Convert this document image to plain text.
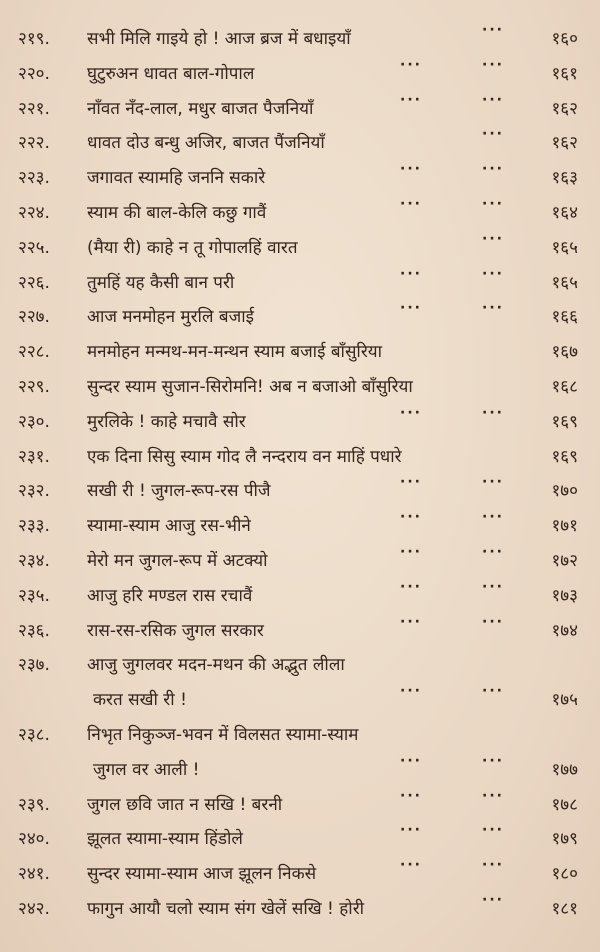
२१९. सभी मिलि गाइये हो ! आज ब्रज में बधाइयाँ	···	१६०
२२०. घुटुरुअन धावत बाल-गोपाल	···	···	१६१
२२१. नाँवत नँद-लाल, मधुर बाजत पैजनियाँ	···	···	१६२
२२२. धावत दोउ बन्धु अजिर, बाजत पैंजनियाँ	···	१६२
२२३. जगावत स्यामहि जननि सकारे	···	···	१६३
२२४. स्याम की बाल-केलि कछु गावैं	···	···	१६४
२२५. (मैया री) काहे न तू गोपालहिं वारत	···	१६५
२२६. तुमहिं यह कैसी बान परी	···	···	१६५
२२७. आज मनमोहन मुरलि बजाई	···	···	१६६
२२८. मनमोहन मन्मथ-मन-मन्थन स्याम बजाई बाँसुरिया	१६७
२२९. सुन्दर स्याम सुजान-सिरोमनि! अब न बजाओ बाँसुरिया	१६८
२३०. मुरलिके ! काहे मचावै सोर	···	···	१६९
२३१. एक दिना सिसु स्याम गोद लै नन्दराय वन माहिं पधारे	१६९
२३२. सखी री ! जुगल-रूप-रस पीजै	···	···	१७०
२३३. स्यामा-स्याम आजु रस-भीने	···	···	१७१
२३४. मेरो मन जुगल-रूप में अटक्यो	···	···	१७२
२३५. आजु हरि मण्डल रास रचावैं	···	···	१७३
२३६. रास-रस-रसिक जुगल सरकार	···	···	१७४
२३७. आजु जुगलवर मदन-मथन की अद्भुत लीला
करत सखी री !	···	···	१७५
२३८. निभृत निकुञ्ज-भवन में विलसत स्यामा-स्याम
जुगल वर आली !	···	···	१७७
२३९. जुगल छवि जात न सखि ! बरनी	···	···	१७८
२४०. झूलत स्यामा-स्याम हिंडोले	···	···	१७९
२४१. सुन्दर स्यामा-स्याम आज झूलन निकसे	···	···	१८०
२४२. फागुन आयौ चलो स्याम संग खेलें सखि ! होरी	···	१८१
